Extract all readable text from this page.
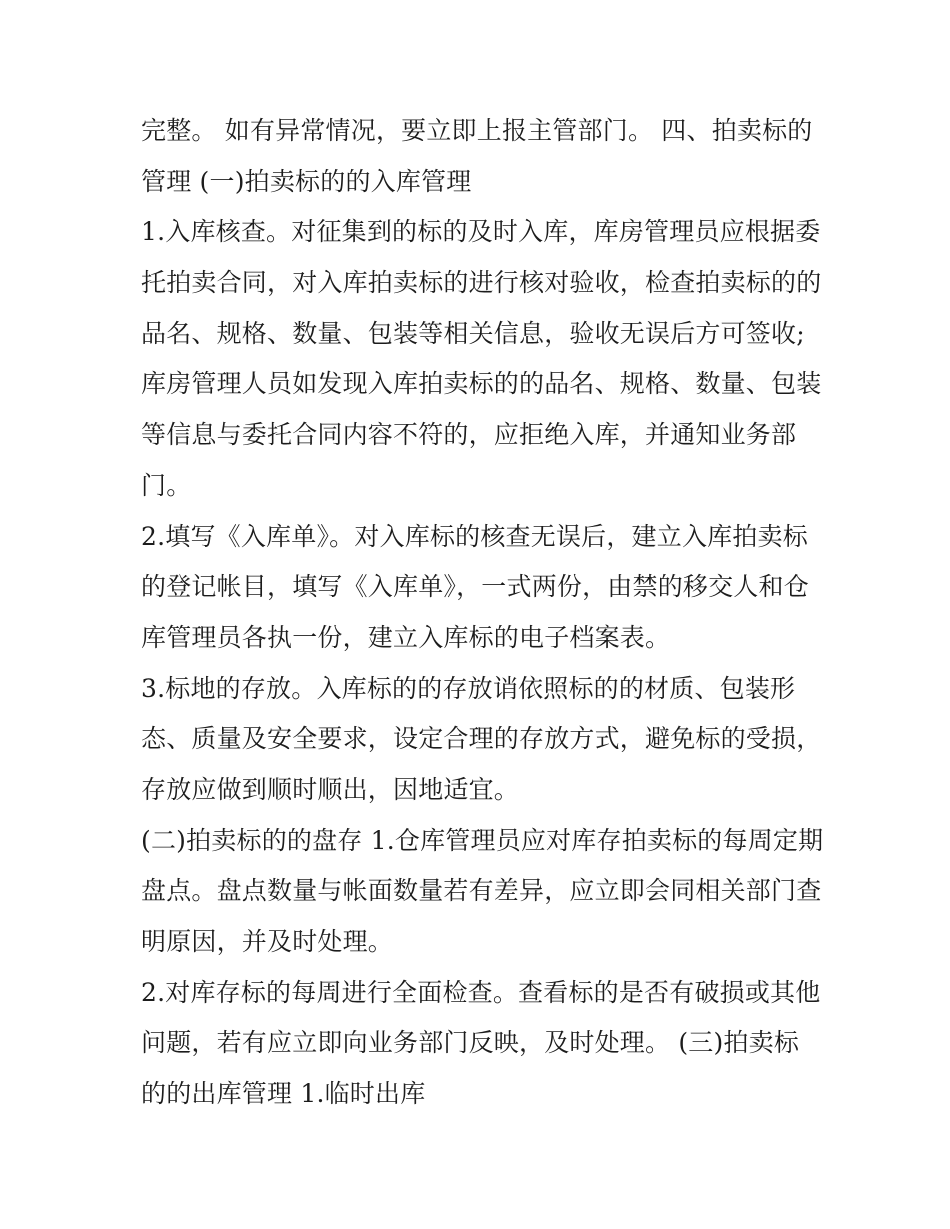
完整。 如有异常情况，要立即上报主管部门。 四、拍卖标的
管理 (一)拍卖标的的入库管理

1.入库核查。对征集到的标的及时入库，库房管理员应根据委
托拍卖合同，对入库拍卖标的进行核对验收，检查拍卖标的的
品名、规格、数量、包装等相关信息，验收无误后方可签收;
库房管理人员如发现入库拍卖标的的品名、规格、数量、包装
等信息与委托合同内容不符的，应拒绝入库，并通知业务部
门。

2.填写《入库单》。对入库标的核查无误后，建立入库拍卖标
的登记帐目，填写《入库单》，一式两份，由禁的移交人和仓
库管理员各执一份，建立入库标的电子档案表。

3.标地的存放。入库标的的存放诮依照标的的材质、包装形
态、质量及安全要求，设定合理的存放方式，避免标的受损，
存放应做到顺时顺出，因地适宜。

(二)拍卖标的的盘存 1.仓库管理员应对库存拍卖标的每周定期
盘点。盘点数量与帐面数量若有差异，应立即会同相关部门查
明原因，并及时处理。

2.对库存标的每周进行全面检查。查看标的是否有破损或其他
问题，若有应立即向业务部门反映，及时处理。 (三)拍卖标
的的出库管理 1.临时出库
